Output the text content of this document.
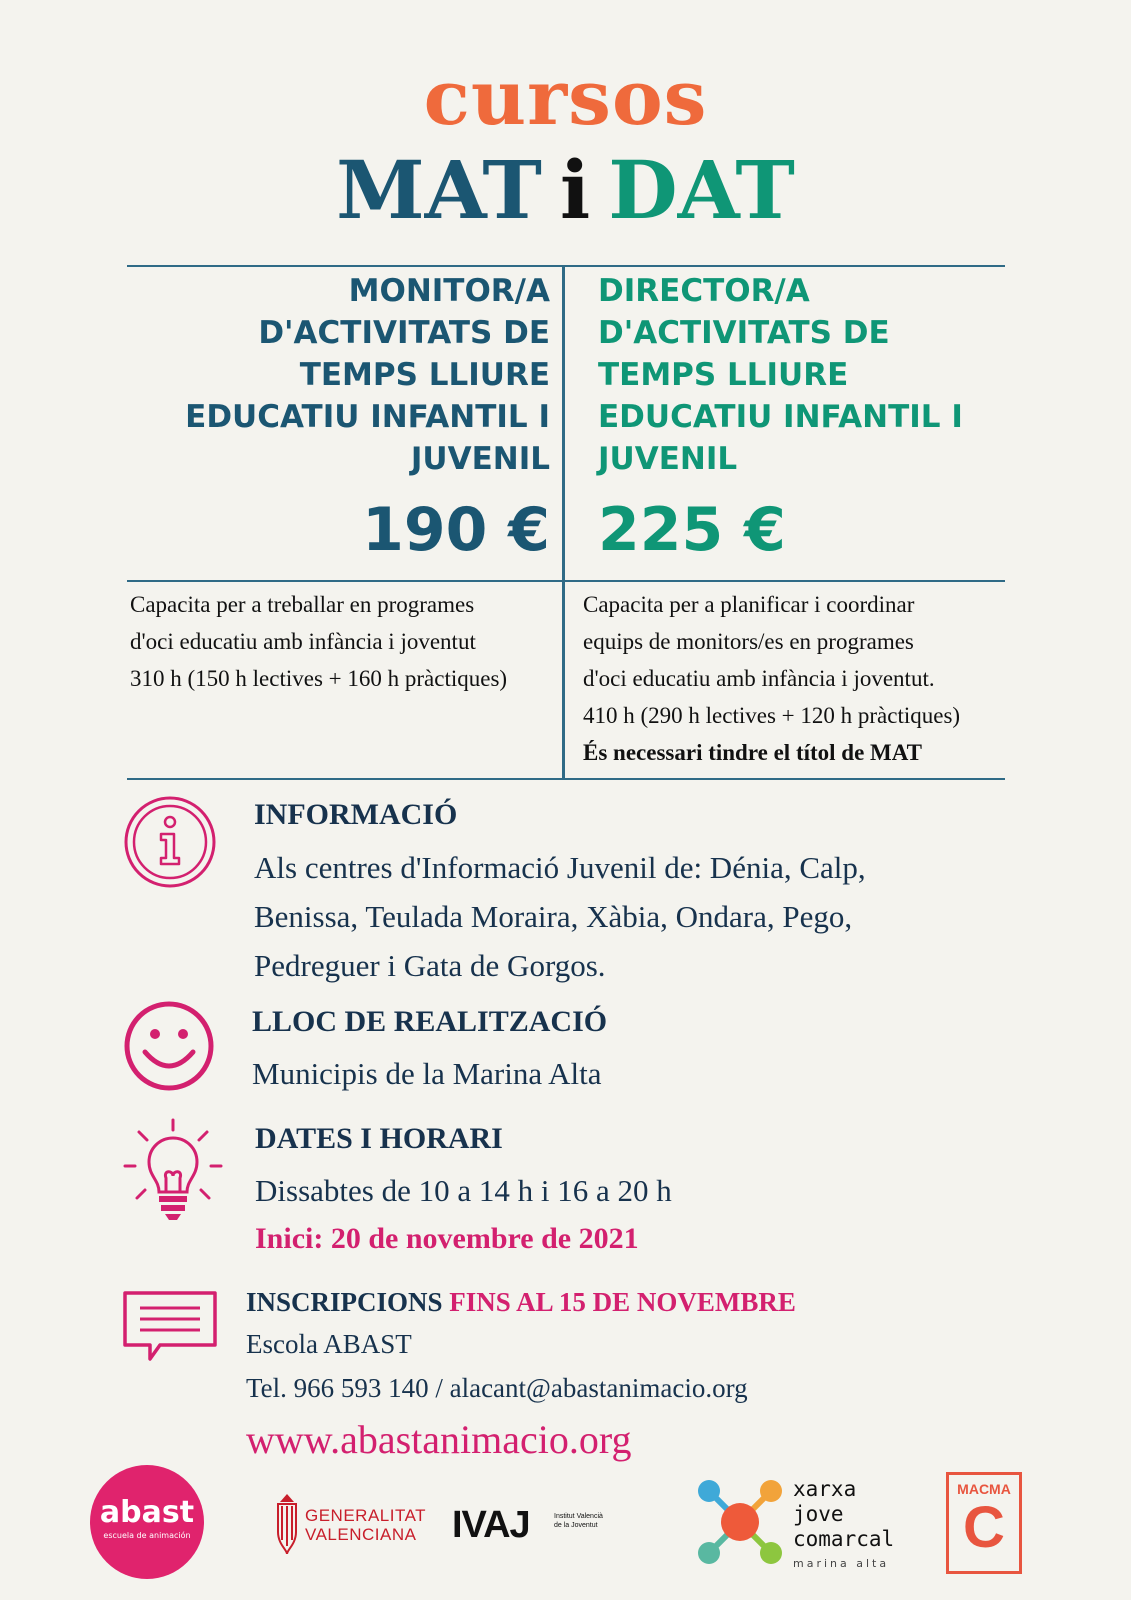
cursos
MAT i DAT
MONITOR/A
D'ACTIVITATS DE
TEMPS LLIURE
EDUCATIU INFANTIL I
JUVENIL
190 €
DIRECTOR/A
D'ACTIVITATS DE
TEMPS LLIURE
EDUCATIU INFANTIL I
JUVENIL
225 €
Capacita per a treballar en programes
d'oci educatiu amb infància i joventut
310 h (150 h lectives + 160 h pràctiques)
Capacita per a planificar i coordinar
equips de monitors/es en programes
d'oci educatiu amb infància i joventut.
410 h (290 h lectives + 120 h pràctiques)
És necessari tindre el títol de MAT
INFORMACIÓ
Als centres d'Informació Juvenil de: Dénia, Calp,
Benissa, Teulada Moraira, Xàbia, Ondara, Pego,
Pedreguer i Gata de Gorgos.
LLOC DE REALITZACIÓ
Municipis de la Marina Alta
DATES I HORARI
Dissabtes de 10 a 14 h i 16 a 20 h
Inici: 20 de novembre de 2021
INSCRIPCIONS FINS AL 15 DE NOVEMBRE
Escola ABAST
Tel. 966 593 140 / alacant@abastanimacio.org
www.abastanimacio.org
abast
escuela de animación
GENERALITAT
VALENCIANA IVAJ	Institut Valencià
de la Joventut
xarxa
jove
comarcal
marina alta
MACMA
C
